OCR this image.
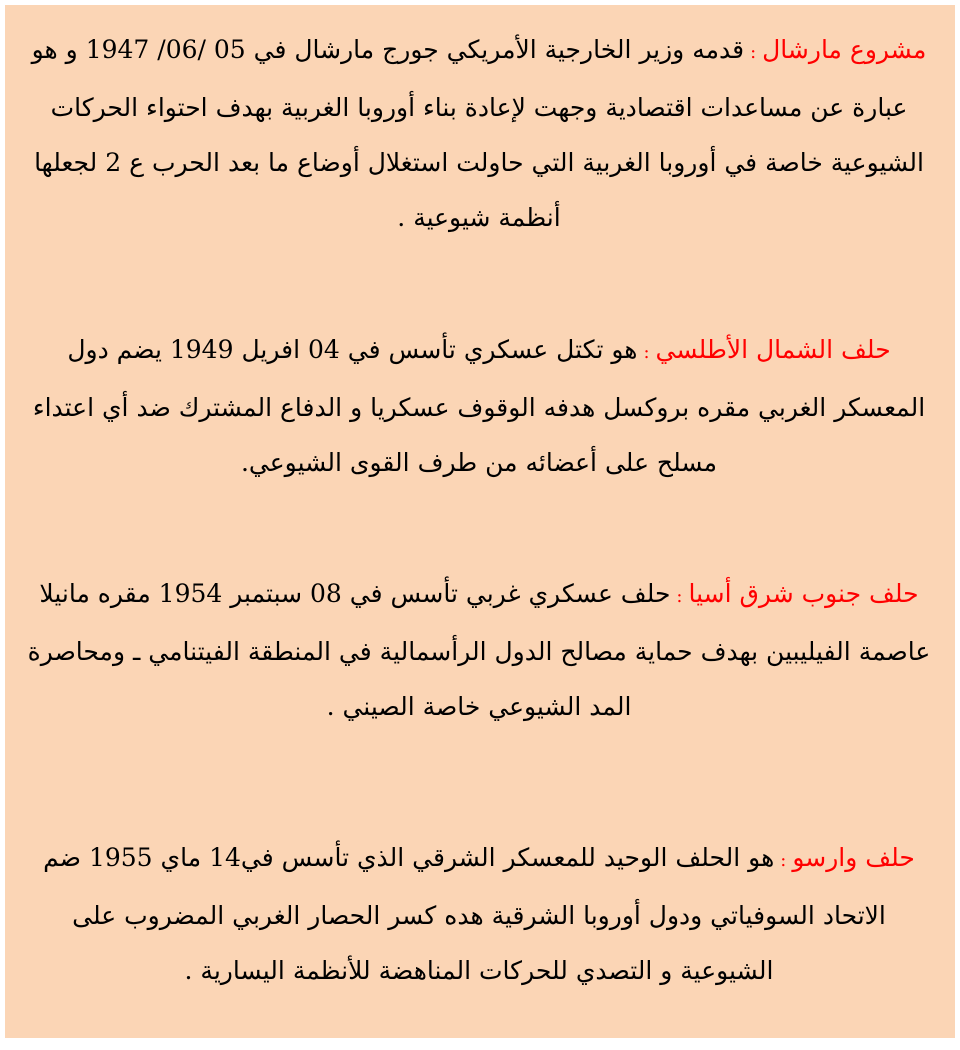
مشروع مارشال:قدمه وزير الخارجية الأمريكي جورج مارشال في 05 /06/ 1947 و هو عبارة عن مساعدات اقتصادية وجهت لإعادة بناء أوروبا الغربية بهدف احتواء الحركات الشيوعية خاصة في أوروبا الغربية التي حاولت استغلال أوضاع ما بعد الحرب ع 2 لجعلها أنظمة شيوعية .

حلف الشمال الأطلسي:هو تكتل عسكري تأسس في 04 افريل 1949 يضم دول المعسكر الغربي مقره بروكسل هدفه الوقوف عسكريا و الدفاع المشترك ضد أي اعتداء مسلح على أعضائه من طرف القوى الشيوعي.

حلف جنوب شرق أسيا:حلف عسكري غربي تأسس في 08 سبتمبر 1954 مقره مانيلا عاصمة الفيليبين بهدف حماية مصالح الدول الرأسمالية في المنطقة الفيتنامي ـ ومحاصرة المد الشيوعي خاصة الصيني .

حلف وارسو:هو الحلف الوحيد للمعسكر الشرقي الذي تأسس في14 ماي 1955 ضم الاتحاد السوفياتي ودول أوروبا الشرقية هده كسر الحصار الغربي المضروب على الشيوعية و التصدي للحركات المناهضة للأنظمة اليسارية .
